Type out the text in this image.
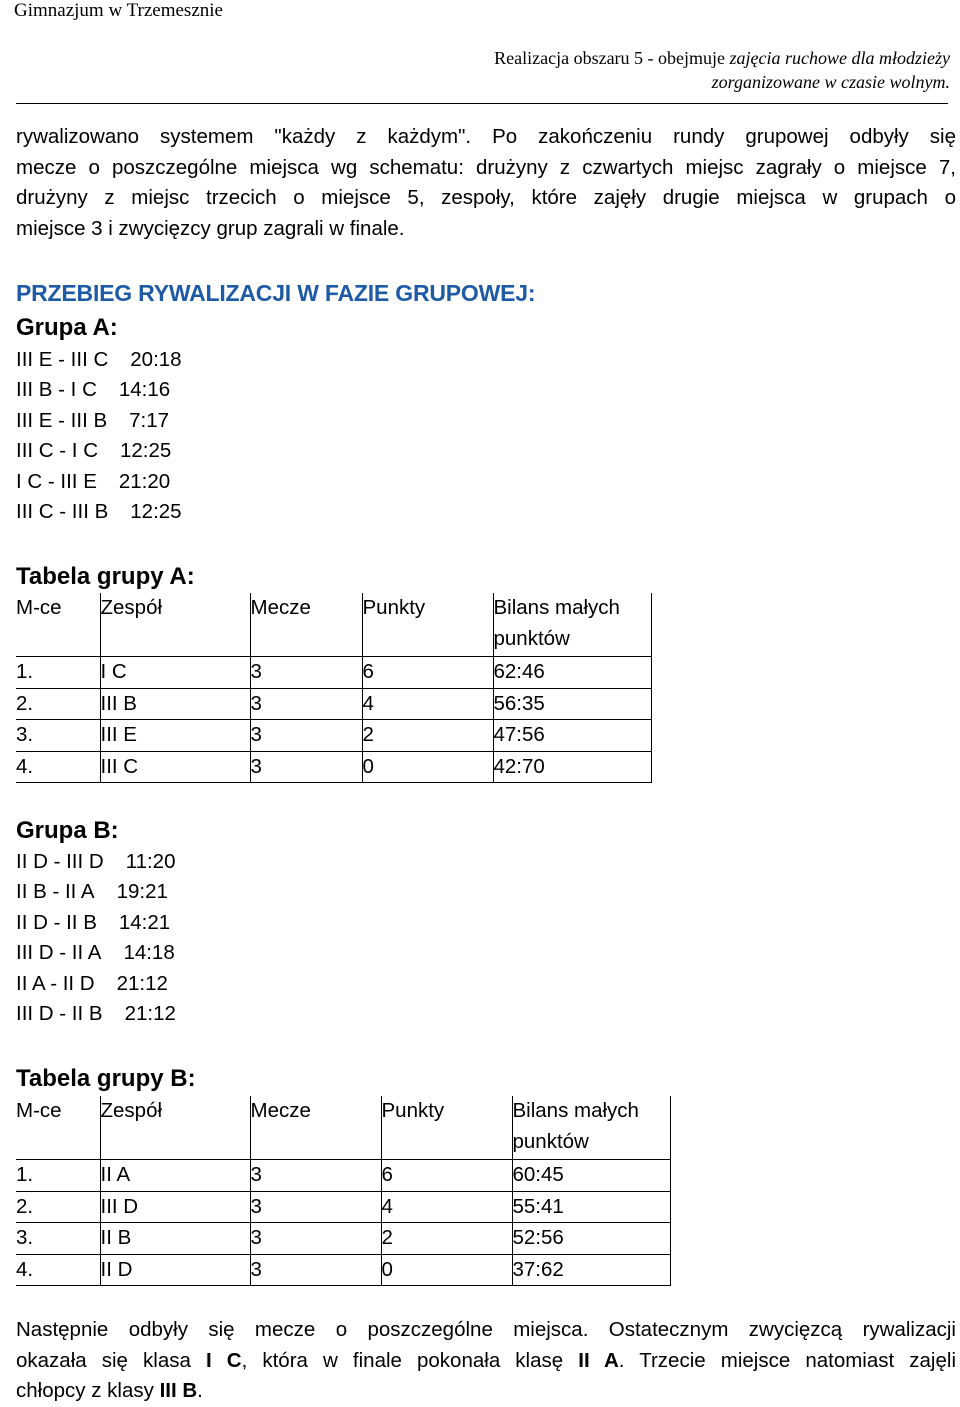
Gimnazjum w Trzemesznie
Realizacja obszaru 5 - obejmuje zajęcia ruchowe dla młodzieży
zorganizowane w czasie wolnym.
rywalizowano systemem "każdy z każdym". Po zakończeniu rundy grupowej odbyły się
mecze o poszczególne miejsca wg schematu: drużyny z czwartych miejsc zagrały o miejsce 7,
drużyny z miejsc trzecich o miejsce 5, zespoły, które zajęły drugie miejsca w grupach o
miejsce 3 i zwycięzcy grup zagrali w finale.
PRZEBIEG RYWALIZACJI W FAZIE GRUPOWEJ:
Grupa A:
III E - III C 20:18
III B - I C 14:16
III E - III B 7:17
III C - I C 12:25
I C - III E 21:20
III C - III B 12:25
Tabela grupy A:
M-ce	Zespół	Mecze	Punkty	Bilans małych punktów
1.	I C	3	6	62:46
2.	III B	3	4	56:35
3.	III E	3	2	47:56
4.	III C	3	0	42:70
Grupa B:
II D - III D 11:20
II B - II A 19:21
II D - II B 14:21
III D - II A 14:18
II A - II D 21:12
III D - II B 21:12
Tabela grupy B:
M-ce	Zespół	Mecze	Punkty	Bilans małych punktów
1.	II A	3	6	60:45
2.	III D	3	4	55:41
3.	II B	3	2	52:56
4.	II D	3	0	37:62
Następnie odbyły się mecze o poszczególne miejsca. Ostatecznym zwycięzcą rywalizacji
okazała się klasa I C, która w finale pokonała klasę II A. Trzecie miejsce natomiast zajęli
chłopcy z klasy III B.
